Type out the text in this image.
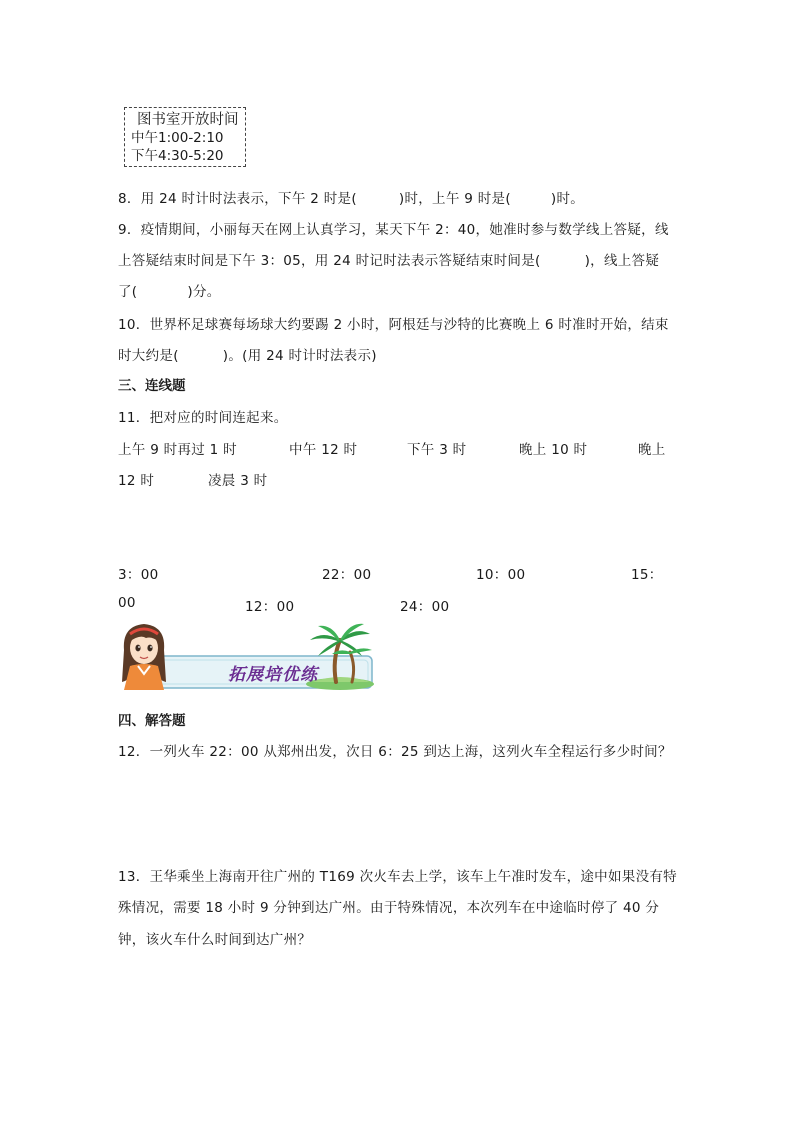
图书室开放时间
中午1:00-2:10
下午4:30-5:20
8．用 24 时计时法表示，下午 2 时是(	)时，上午 9 时是(	)时。
9．疫情期间，小丽每天在网上认真学习，某天下午 2：40，她准时参与数学线上答疑，线
上答疑结束时间是下午 3：05，用 24 时记时法表示答疑结束时间是(	)，线上答疑
了(	)分。
10．世界杯足球赛每场球大约要踢 2 小时，阿根廷与沙特的比赛晚上 6 时准时开始，结束
时大约是(	)。(用 24 时计时法表示)
三、连线题
11．把对应的时间连起来。
上午 9 时再过 1 时	中午 12 时	下午 3 时	晚上 10 时	晚上
12 时	凌晨 3 时
3：00	22：00	10：00	15：
00	12：00	24：00
拓展培优练
四、解答题
12．一列火车 22：00 从郑州出发，次日 6：25 到达上海，这列火车全程运行多少时间？
13．王华乘坐上海南开往广州的 T169 次火车去上学，该车上午准时发车，途中如果没有特
殊情况，需要 18 小时 9 分钟到达广州。由于特殊情况，本次列车在中途临时停了 40 分
钟，该火车什么时间到达广州？
